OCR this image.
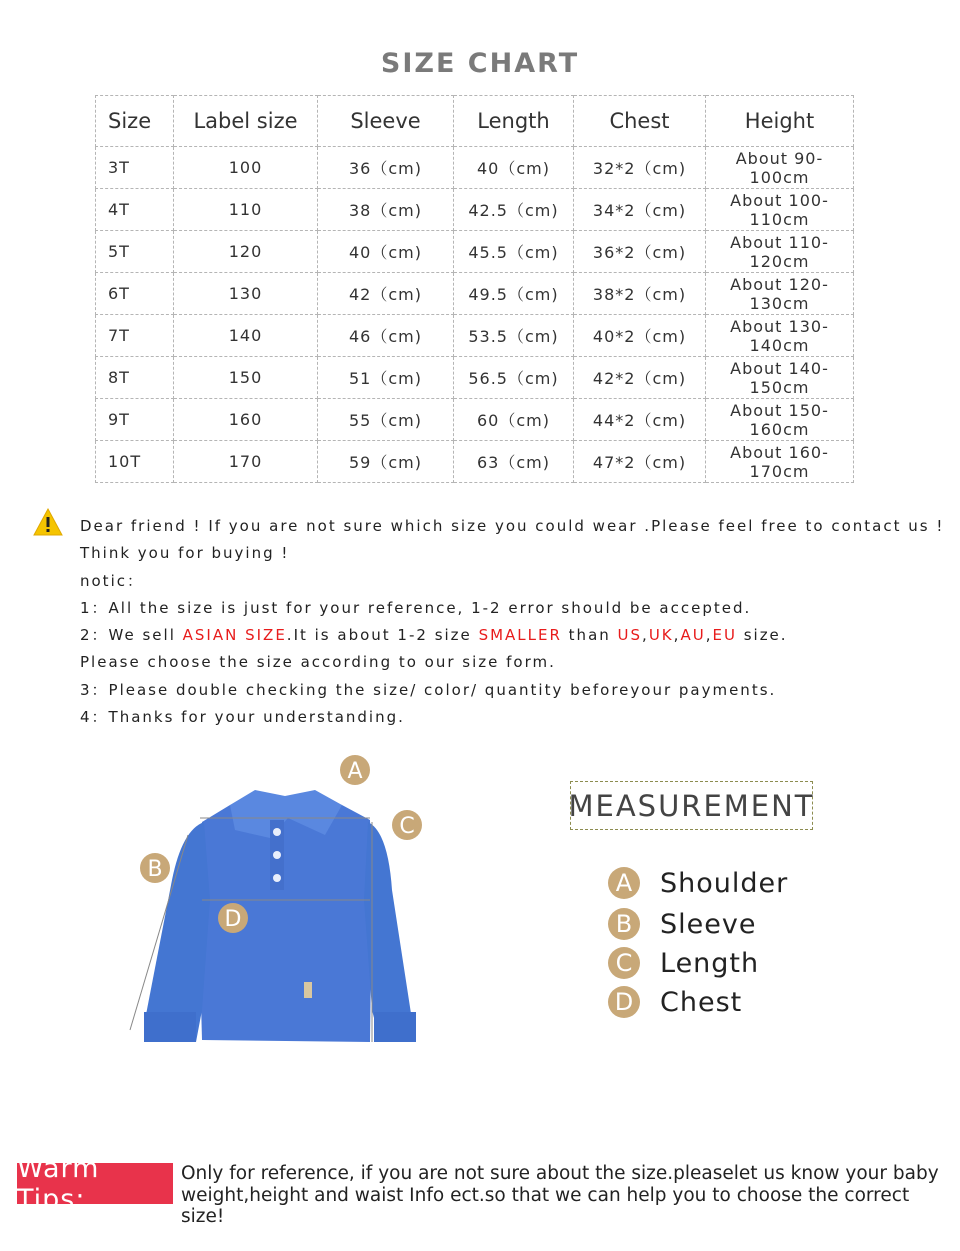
SIZE CHART
Size	Label size	Sleeve	Length	Chest	Height
3T	100	36（cm)	40（cm)	32*2（cm)	About 90-100cm
4T	110	38（cm)	42.5（cm)	34*2（cm)	About 100-110cm
5T	120	40（cm)	45.5（cm)	36*2（cm)	About 110-120cm
6T	130	42（cm)	49.5（cm)	38*2（cm)	About 120-130cm
7T	140	46（cm)	53.5（cm)	40*2（cm)	About 130-140cm
8T	150	51（cm)	56.5（cm)	42*2（cm)	About 140-150cm
9T	160	55（cm)	60（cm)	44*2（cm)	About 150-160cm
10T	170	59（cm)	63（cm)	47*2（cm)	About 160-170cm
Dear friend ! If you are not sure which size you could wear .Please feel free to contact us !
Think you for buying !
notic：
1：All the size is just for your reference, 1-2 error should be accepted.
2：We sell ASIAN SIZE.It is about 1-2 size SMALLER than US,UK,AU,EU size.
Please choose the size according to our size form.
3：Please double checking the size/ color/ quantity beforeyour payments.
4：Thanks for your understanding.
A
C
B
D
MEASUREMENT
A Shoulder
B Sleeve
C Length
D Chest
Warm Tips:
Only for reference, if you are not sure about the size.pleaselet us know your baby weight,height and waist Info ect.so that we can help you to choose the correct size!
